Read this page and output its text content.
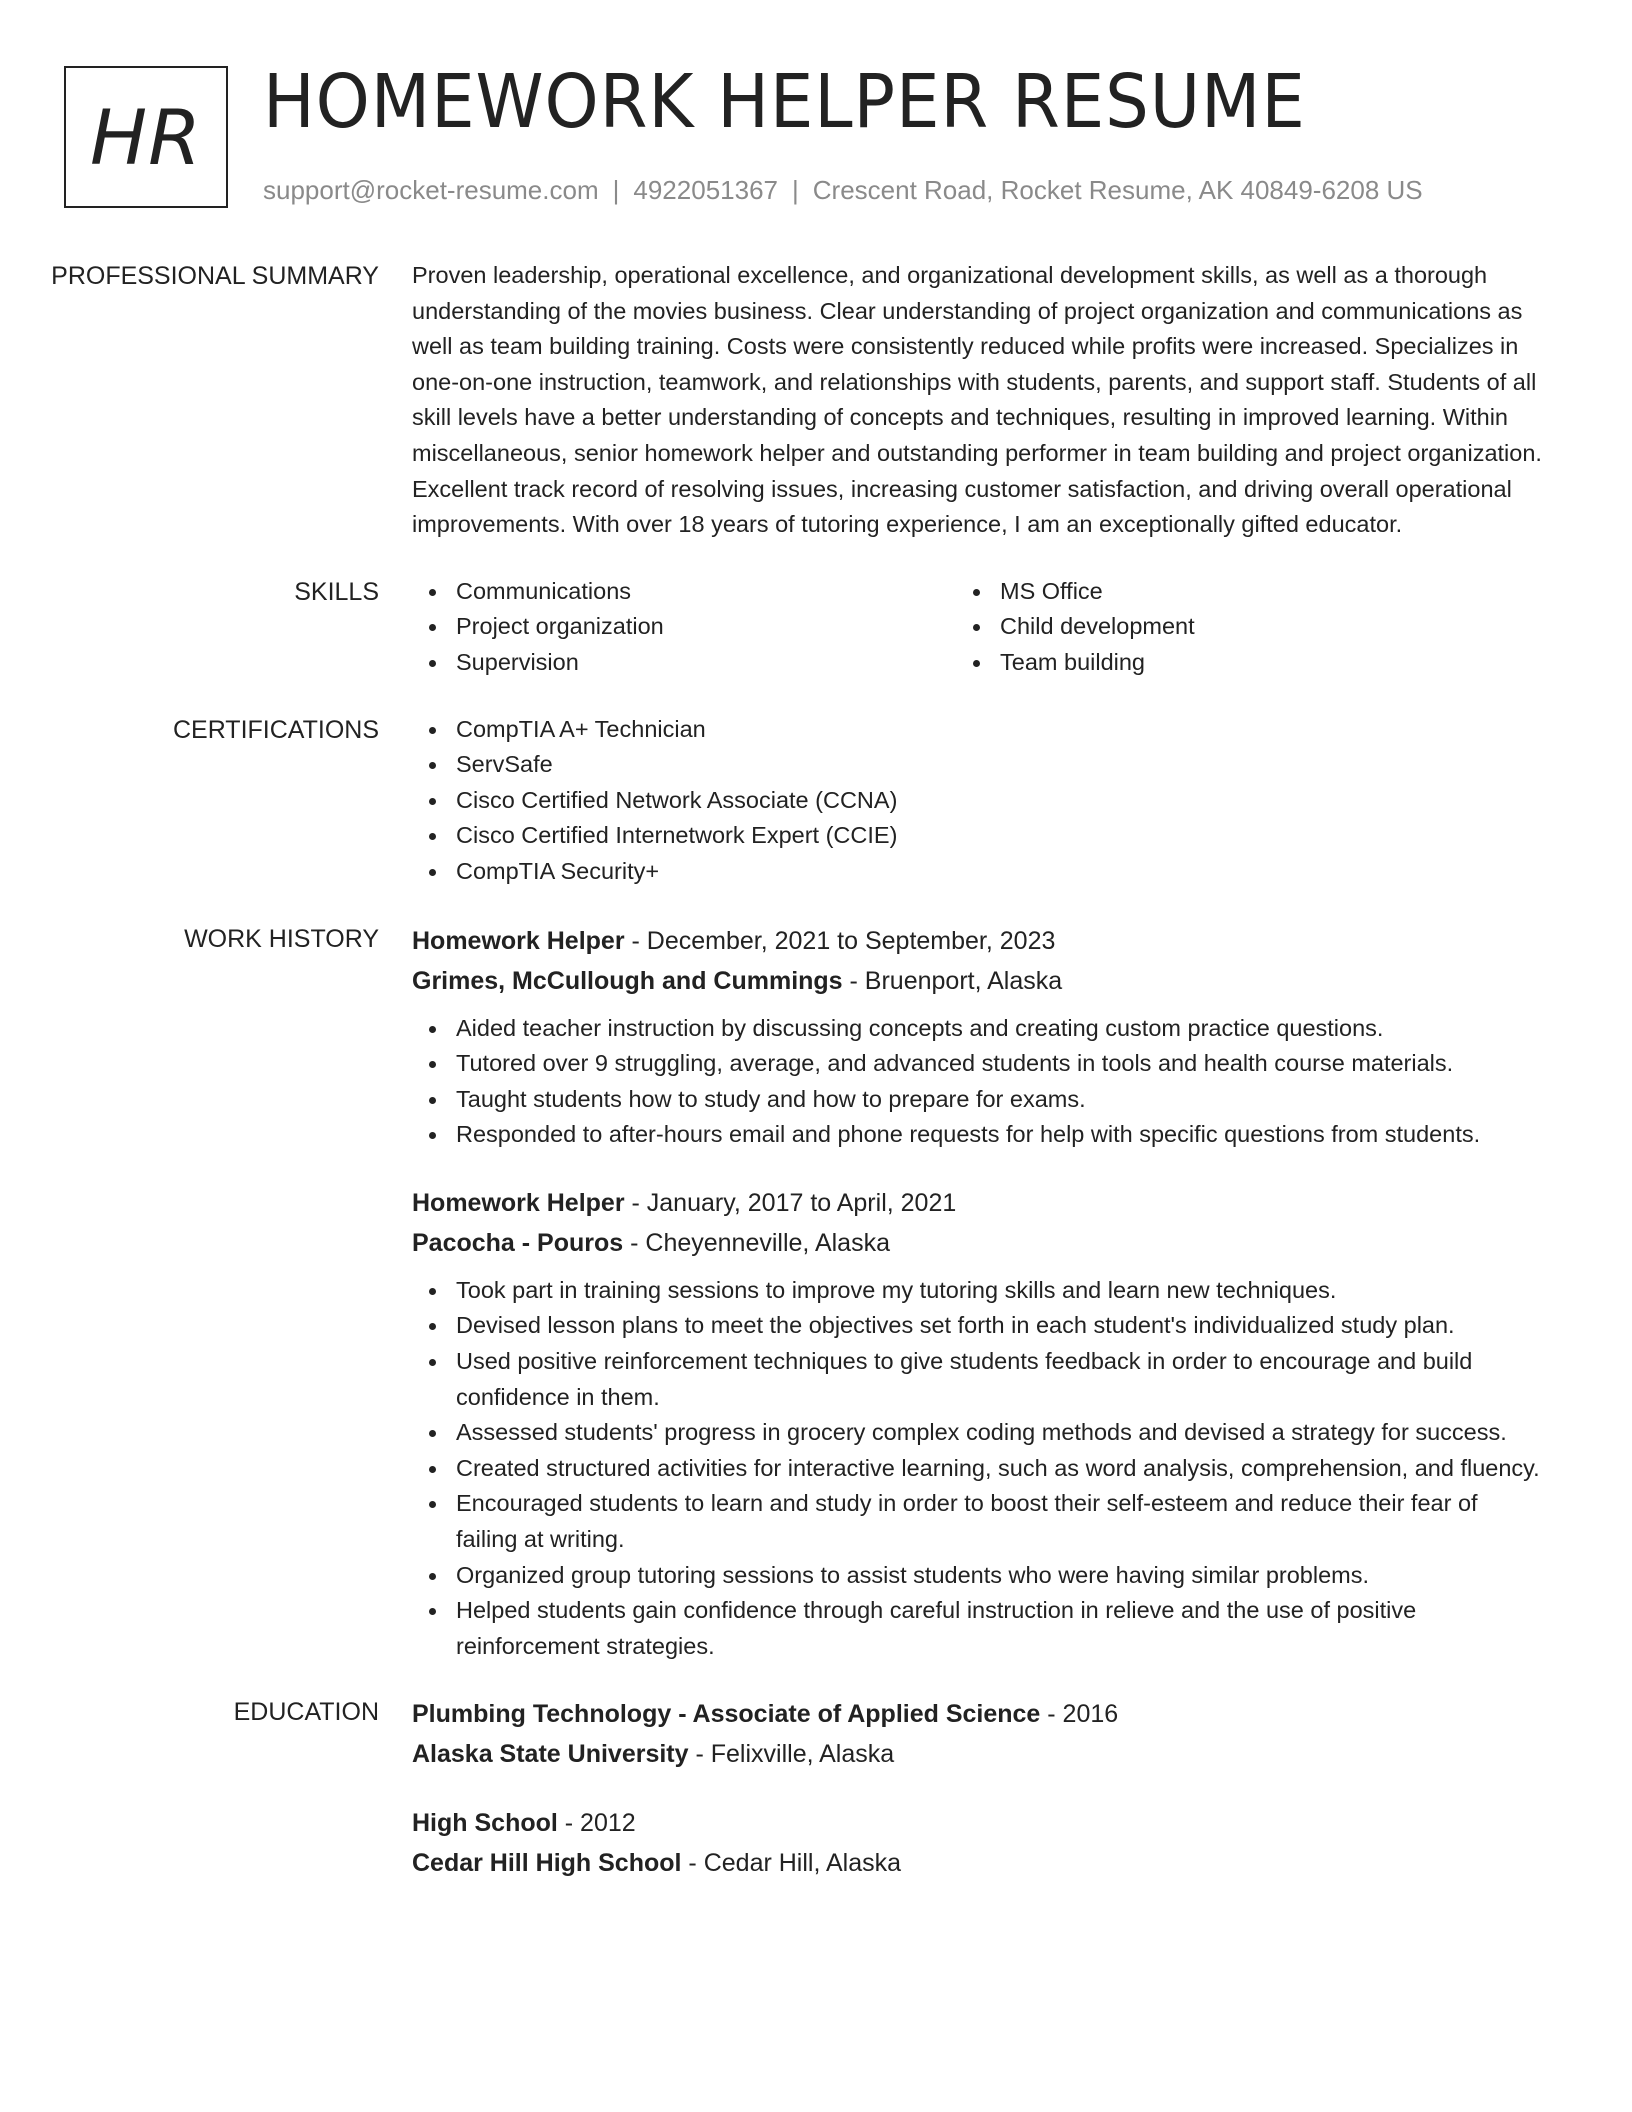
HR HOMEWORK HELPER RESUME
support@rocket-resume.com | 4922051367 | Crescent Road, Rocket Resume, AK 40849-6208 US
PROFESSIONAL SUMMARY	Proven leadership, operational excellence, and organizational development skills, as well as a thorough understanding of the movies business. Clear understanding of project organization and communications as well as team building training. Costs were consistently reduced while profits were increased. Specializes in one-on-one instruction, teamwork, and relationships with students, parents, and support staff. Students of all skill levels have a better understanding of concepts and techniques, resulting in improved learning. Within miscellaneous, senior homework helper and outstanding performer in team building and project organization. Excellent track record of resolving issues, increasing customer satisfaction, and driving overall operational improvements. With over 18 years of tutoring experience, I am an exceptionally gifted educator.

SKILLS	Communications
Project organization
Supervision
MS Office
Child development
Team building
CERTIFICATIONS	CompTIA A+ Technician
ServSafe
Cisco Certified Network Associate (CCNA)
Cisco Certified Internetwork Expert (CCIE)
CompTIA Security+
WORK HISTORY	Homework Helper - December, 2021 to September, 2023
Grimes, McCullough and Cummings - Bruenport, Alaska
Aided teacher instruction by discussing concepts and creating custom practice questions.
Tutored over 9 struggling, average, and advanced students in tools and health course materials.
Taught students how to study and how to prepare for exams.
Responded to after-hours email and phone requests for help with specific questions from students.
Homework Helper - January, 2017 to April, 2021
Pacocha - Pouros - Cheyenneville, Alaska
Took part in training sessions to improve my tutoring skills and learn new techniques.
Devised lesson plans to meet the objectives set forth in each student's individualized study plan.
Used positive reinforcement techniques to give students feedback in order to encourage and build confidence in them.
Assessed students' progress in grocery complex coding methods and devised a strategy for success.
Created structured activities for interactive learning, such as word analysis, comprehension, and fluency.
Encouraged students to learn and study in order to boost their self-esteem and reduce their fear of failing at writing.
Organized group tutoring sessions to assist students who were having similar problems.
Helped students gain confidence through careful instruction in relieve and the use of positive reinforcement strategies.
EDUCATION	Plumbing Technology - Associate of Applied Science - 2016
Alaska State University - Felixville, Alaska
High School - 2012
Cedar Hill High School - Cedar Hill, Alaska
